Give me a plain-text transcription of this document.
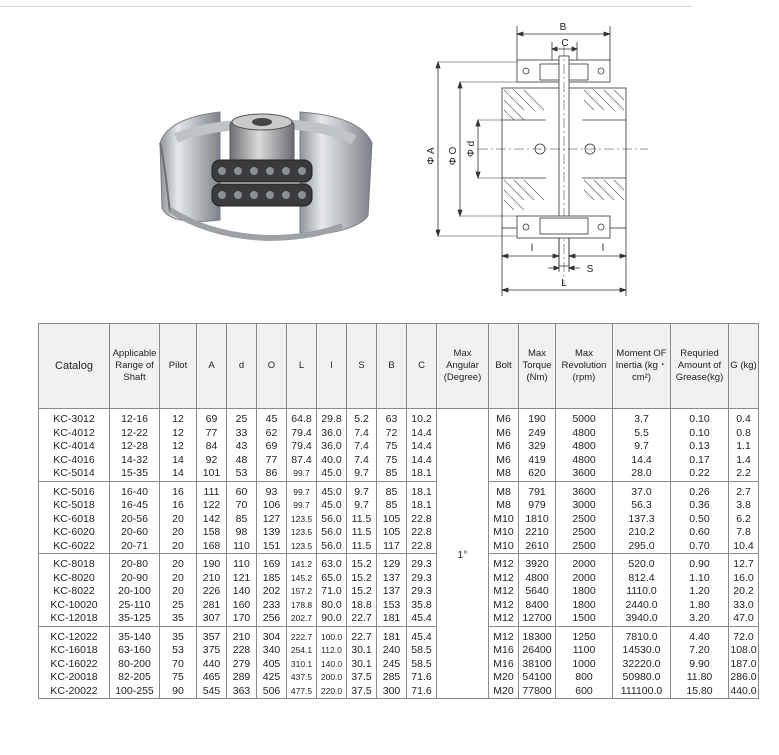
B
C
Φ A Φ O Φ d
l	l
S
L
Catalog	Applicable Range of Shaft	Pilot	A	d	O	L	l	S	B	C	Max Angular (Degree)	Bolt	Max Torque (Nm)	Max Revolution (rpm)	Moment OF Inertia (kg・cm²)	Requried Amount of Grease(kg)	G (kg)
KC-3012	12-16	12	69	25	45	64.8	29.8	5.2	63	10.2	1°	M6	190	5000	3.7	0.10	0.4
KC-4012	12-22	12	77	33	62	79.4	36.0	7.4	72	14.4		M6	249	4800	5.5	0.10	0.8
KC-4014	12-28	12	84	43	69	79.4	36.0	7.4	75	14.4		M6	329	4800	9.7	0.13	1.1
KC-4016	14-32	14	92	48	77	87.4	40.0	7.4	75	14.4		M6	419	4800	14.4	0.17	1.4
KC-5014	15-35	14	101	53	86	99.7	45.0	9.7	85	18.1		M8	620	3600	28.0	0.22	2.2
KC-5016	16-40	16	111	60	93	99.7	45.0	9.7	85	18.1		M8	791	3600	37.0	0.26	2.7
KC-5018	16-45	16	122	70	106	99.7	45.0	9.7	85	18.1		M8	979	3000	56.3	0.36	3.8
KC-6018	20-56	20	142	85	127	123.5	56.0	11.5	105	22.8		M10	1810	2500	137.3	0.50	6.2
KC-6020	20-60	20	158	98	139	123.5	56.0	11.5	105	22.8		M10	2210	2500	210.2	0.60	7.8
KC-6022	20-71	20	168	110	151	123.5	56.0	11.5	117	22.8		M10	2610	2500	295.0	0.70	10.4
KC-8018	20-80	20	190	110	169	141.2	63.0	15.2	129	29.3		M12	3920	2000	520.0	0.90	12.7
KC-8020	20-90	20	210	121	185	145.2	65.0	15.2	137	29.3		M12	4800	2000	812.4	1.10	16.0
KC-8022	20-100	20	226	140	202	157.2	71.0	15.2	137	29.3		M12	5640	1800	1110.0	1.20	20.2
KC-10020	25-110	25	281	160	233	178.8	80.0	18.8	153	35.8		M12	8400	1800	2440.0	1.80	33.0
KC-12018	35-125	35	307	170	256	202.7	90.0	22.7	181	45.4		M12	12700	1500	3940.0	3.20	47.0
KC-12022	35-140	35	357	210	304	222.7	100.0	22.7	181	45.4		M12	18300	1250	7810.0	4.40	72.0
KC-16018	63-160	53	375	228	340	254.1	112.0	30.1	240	58.5		M16	26400	1100	14530.0	7.20	108.0
KC-16022	80-200	70	440	279	405	310.1	140.0	30.1	245	58.5		M16	38100	1000	32220.0	9.90	187.0
KC-20018	82-205	75	465	289	425	437.5	200.0	37.5	285	71.6		M20	54100	800	50980.0	11.80	286.0
KC-20022	100-255	90	545	363	506	477.5	220.0	37.5	300	71.6		M20	77800	600	111100.0	15.80	440.0
